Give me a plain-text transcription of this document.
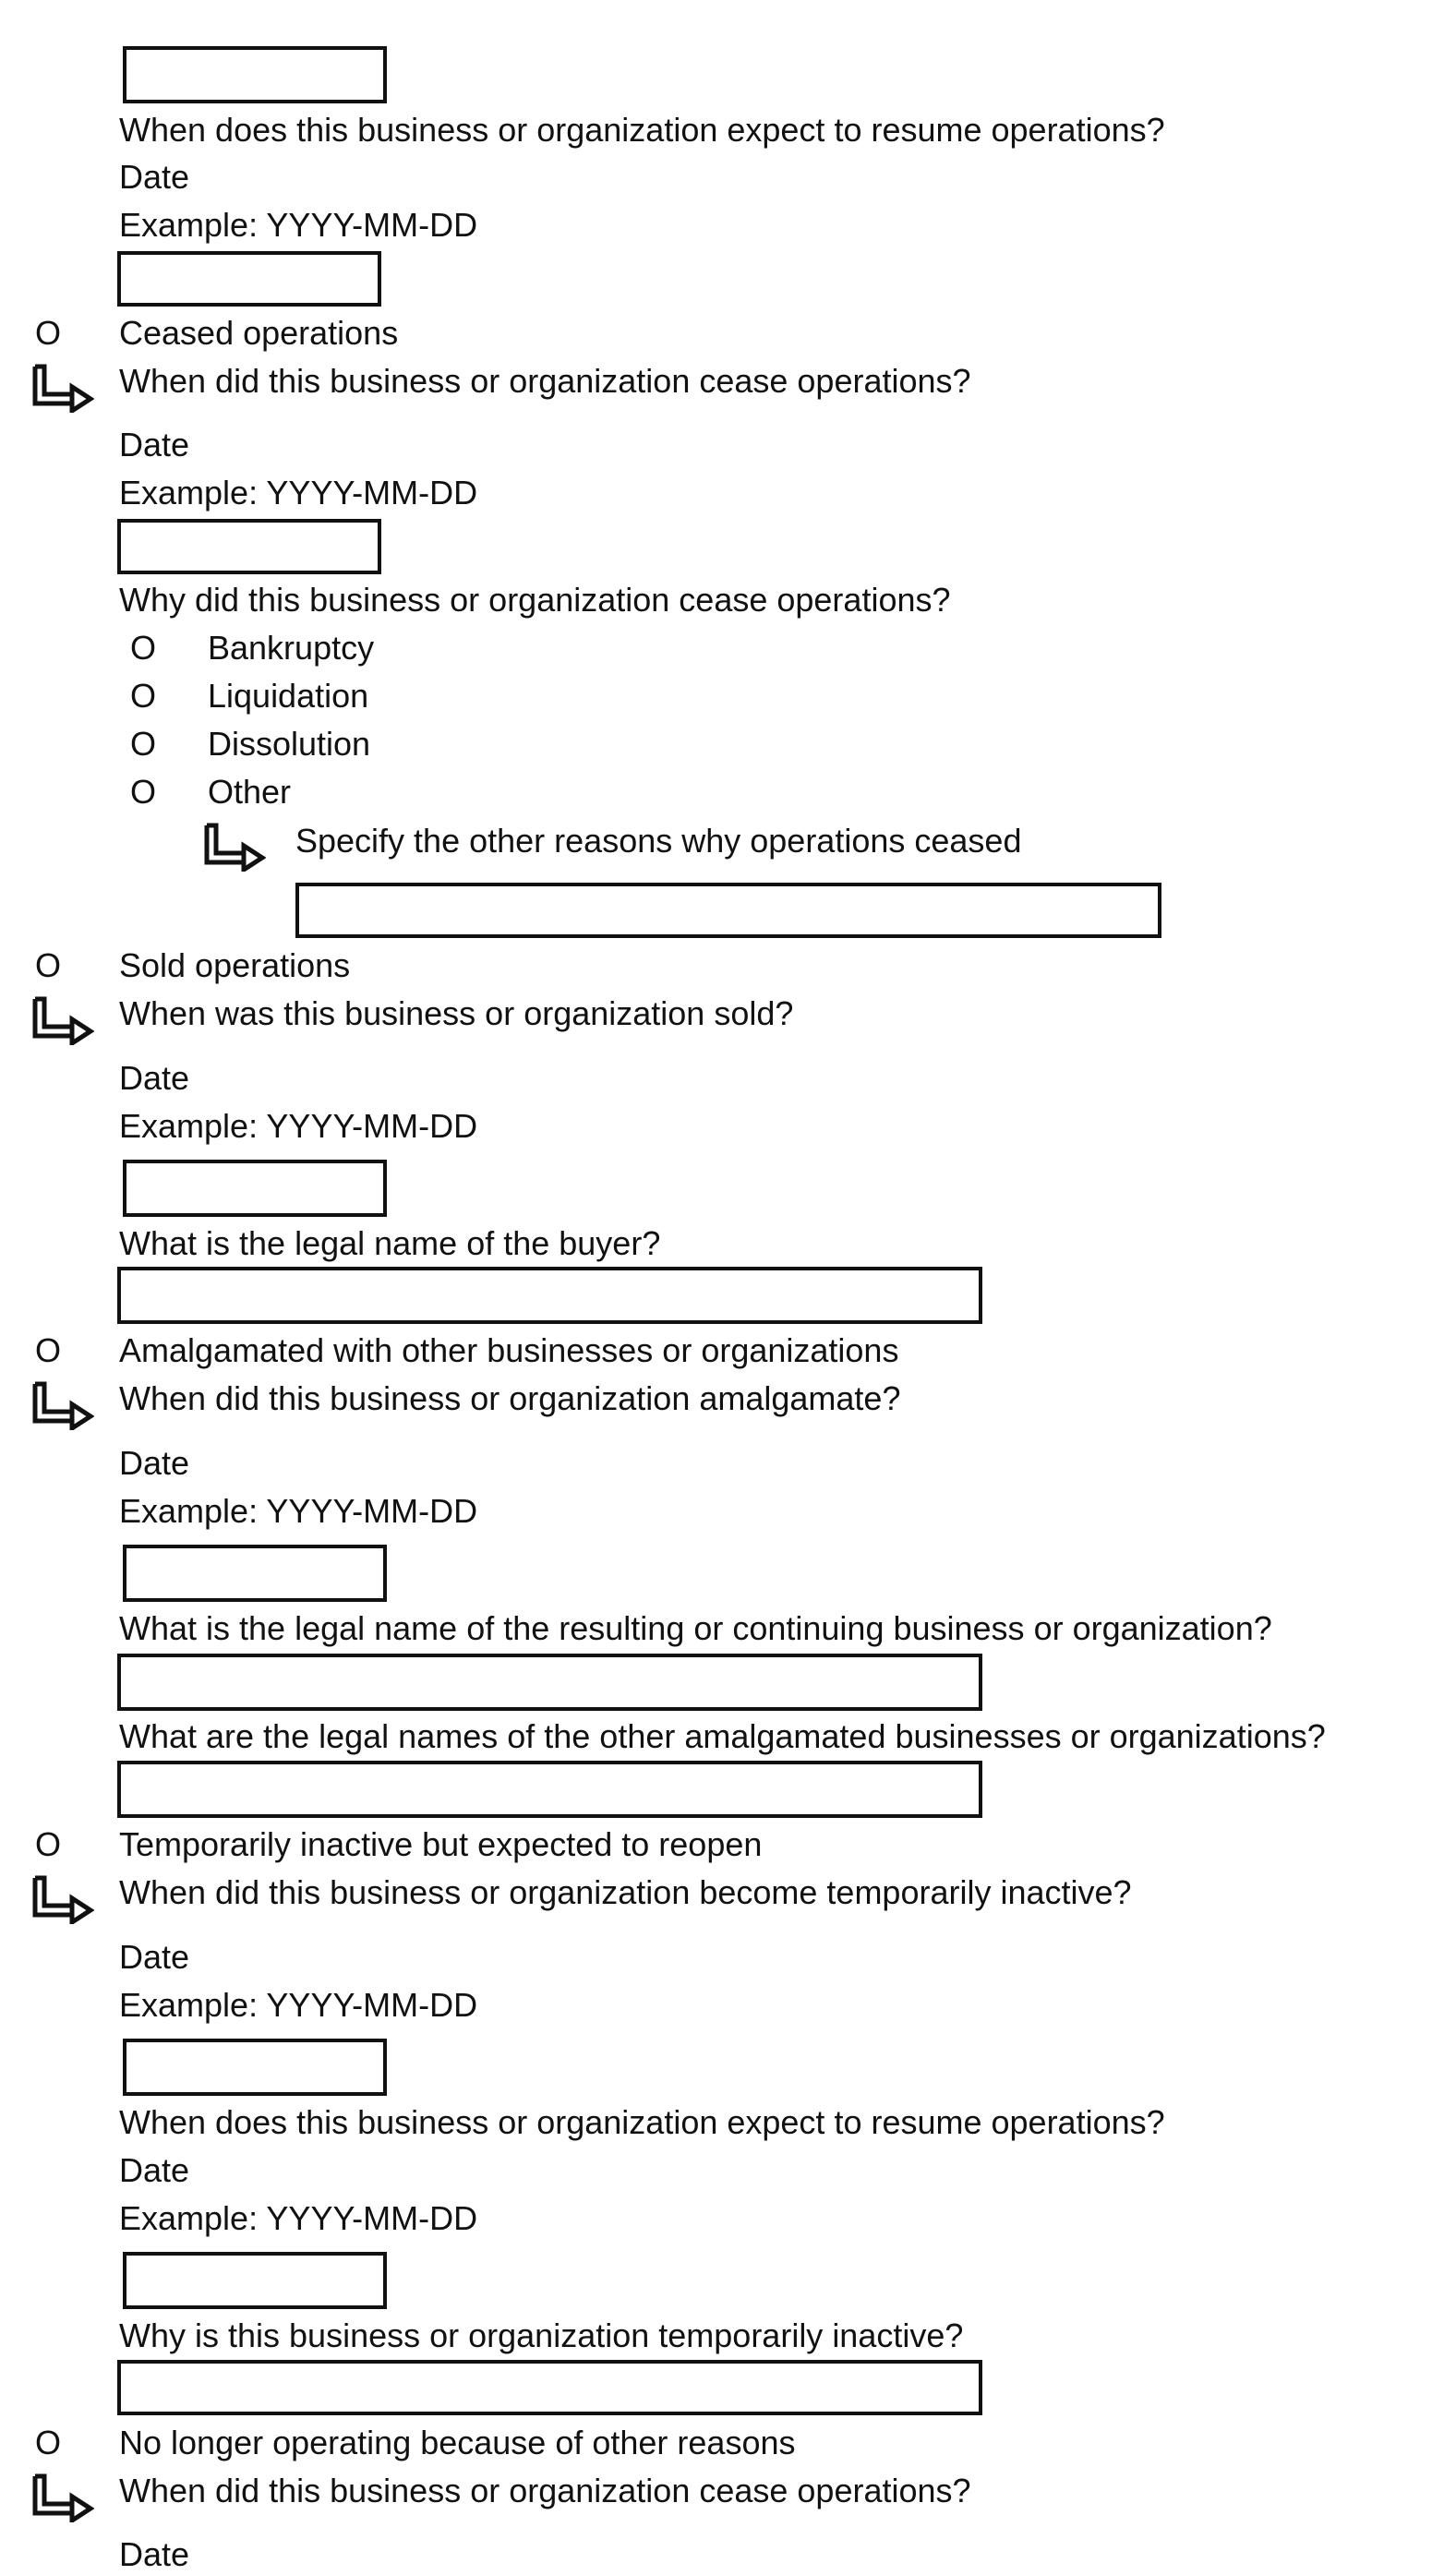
When does this business or organization expect to resume operations?
Date
Example: YYYY-MM-DD
O Ceased operations
When did this business or organization cease operations?
Date
Example: YYYY-MM-DD
Why did this business or organization cease operations?
O Bankruptcy
O Liquidation
O Dissolution
O Other
Specify the other reasons why operations ceased
O Sold operations
When was this business or organization sold?
Date
Example: YYYY-MM-DD
What is the legal name of the buyer?
O Amalgamated with other businesses or organizations
When did this business or organization amalgamate?
Date
Example: YYYY-MM-DD
What is the legal name of the resulting or continuing business or organization?
What are the legal names of the other amalgamated businesses or organizations?
O Temporarily inactive but expected to reopen
When did this business or organization become temporarily inactive?
Date
Example: YYYY-MM-DD
When does this business or organization expect to resume operations?
Date
Example: YYYY-MM-DD
Why is this business or organization temporarily inactive?
O No longer operating because of other reasons
When did this business or organization cease operations?
Date
